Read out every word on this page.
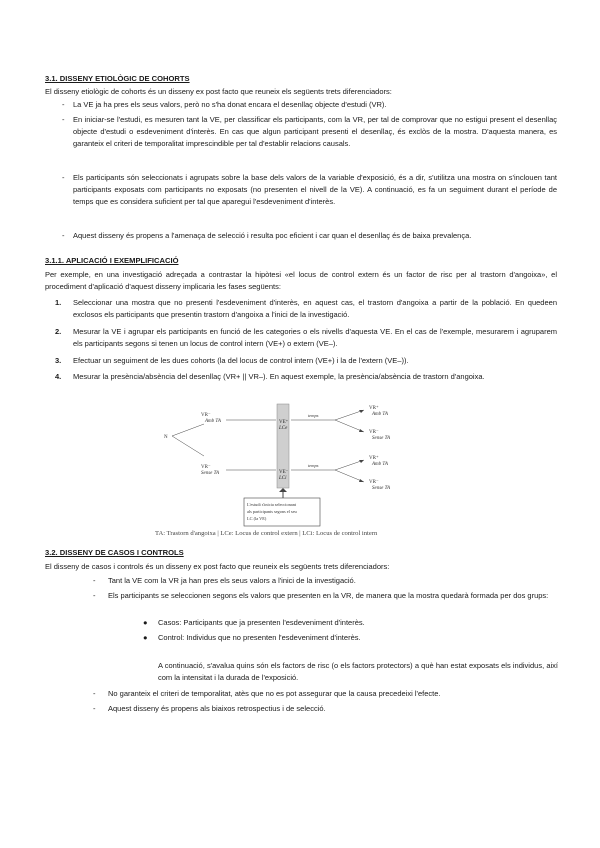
3.1. DISSENY ETIOLÒGIC DE COHORTS
El disseny etiològic de cohorts és un disseny ex post facto que reuneix els següents trets diferenciadors:
- La VE ja ha pres els seus valors, però no s'ha donat encara el desenllaç objecte d'estudi (VR).
- En iniciar-se l'estudi, es mesuren tant la VE, per classificar els participants, com la VR, per tal de comprovar que no estigui present el desenllaç objecte d'estudi o esdeveniment d'interès. En cas que algun participant presenti el desenllaç, és exclòs de la mostra. D'aquesta manera, es garanteix el criteri de temporalitat imprescindible per tal d'establir relacions causals.
- Els participants són seleccionats i agrupats sobre la base dels valors de la variable d'exposició, és a dir, s'utilitza una mostra on s'inclouen tant participants exposats com participants no exposats (no presenten el nivell de la VE). A continuació, es fa un seguiment durant el període de temps que es considera suficient per tal que aparegui l'esdeveniment d'interès.
- Aquest disseny és propens a l'amenaça de selecció i resulta poc eficient i car quan el desenllaç és de baixa prevalença.
3.1.1. APLICACIÓ I EXEMPLIFICACIÓ
Per exemple, en una investigació adreçada a contrastar la hipòtesi «el locus de control extern és un factor de risc per al trastorn d'angoixa», el procediment d'aplicació d'aquest disseny implicaria les fases següents:
1. Seleccionar una mostra que no presenti l'esdeveniment d'interès, en aquest cas, el trastorn d'angoixa a partir de la població. En quedeen exclosos els participants que presentin trastorn d'angoixa a l'inici de la investigació.
2. Mesurar la VE i agrupar els participants en funció de les categories o els nivells d'aquesta VE. En el cas de l'exemple, mesurarem i agruparem els participants segons si tenen un locus de control intern (VE+) o extern (VE–).
3. Efectuar un seguiment de les dues cohorts (la del locus de control intern (VE+) i la de l'extern (VE–)).
4. Mesurar la presència/absència del desenllaç (VR+ || VR–). En aquest exemple, la presència/absència de trastorn d'angoixa.
VR⁻
Amb TA
VR⁻
Sense TA
N
VE⁺
LCe
VE⁻
LCi
temps
temps
VR⁺
Amb TA
VR⁻
Sense TA
VR⁺
Amb TA
VR⁻
Sense TA
L'estudi s'inicia seleccionant
als participants segons el seu
LC (la VE)
TA: Trastorn d'angoixa | LCe: Locus de control extern | LCi: Locus de control intern
3.2. DISSENY DE CASOS I CONTROLS
El disseny de casos i controls és un disseny ex post facto que reuneix els següents trets diferenciadors:
- Tant la VE com la VR ja han pres els seus valors a l'inici de la investigació.
- Els participants se seleccionen segons els valors que presenten en la VR, de manera que la mostra quedarà formada per dos grups:
● Casos: Participants que ja presenten l'esdeveniment d'interès.
● Control: Individus que no presenten l'esdeveniment d'interès.
A continuació, s'avalua quins són els factors de risc (o els factors protectors) a què han estat exposats els individus, així com la intensitat i la durada de l'exposició.
- No garanteix el criteri de temporalitat, atès que no es pot assegurar que la causa precedeixi l'efecte.
- Aquest disseny és propens als biaixos retrospectius i de selecció.
